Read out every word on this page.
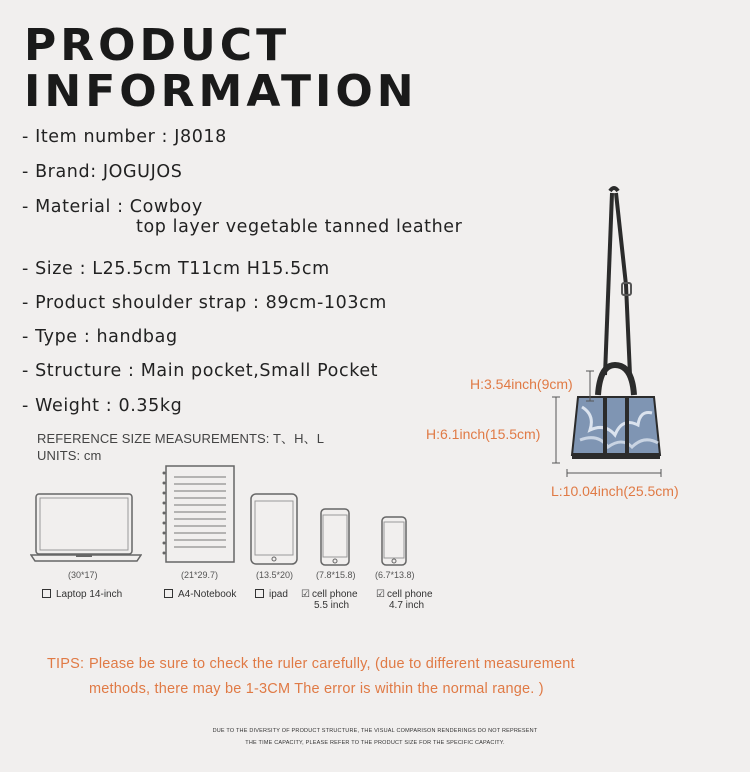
PRODUCT
INFORMATION
- Item number : J8018
- Brand: JOGUJOS
- Material : Cowboy
top layer vegetable tanned leather
- Size : L25.5cm T11cm H15.5cm
- Product shoulder strap : 89cm-103cm
- Type : handbag
- Structure : Main pocket,Small Pocket
- Weight : 0.35kg
REFERENCE SIZE MEASUREMENTS: T、H、L
UNITS: cm
H:3.54inch(9cm)
H:6.1inch(15.5cm)
L:10.04inch(25.5cm)
(30*17)	(21*29.7)	(13.5*20)	(7.8*15.8) (6.7*13.8)
Laptop 14-inch	A4-Notebook	ipad ☑ cell phone
5.5 inch
☑ cell phone
4.7 inch
TIPS: Please be sure to check the ruler carefully, (due to different measurement
methods, there may be 1-3CM The error is within the normal range. )
DUE TO THE DIVERSITY OF PRODUCT STRUCTURE, THE VISUAL COMPARISON RENDERINGS DO NOT REPRESENT
THE TIME CAPACITY, PLEASE REFER TO THE PRODUCT SIZE FOR THE SPECIFIC CAPACITY.
